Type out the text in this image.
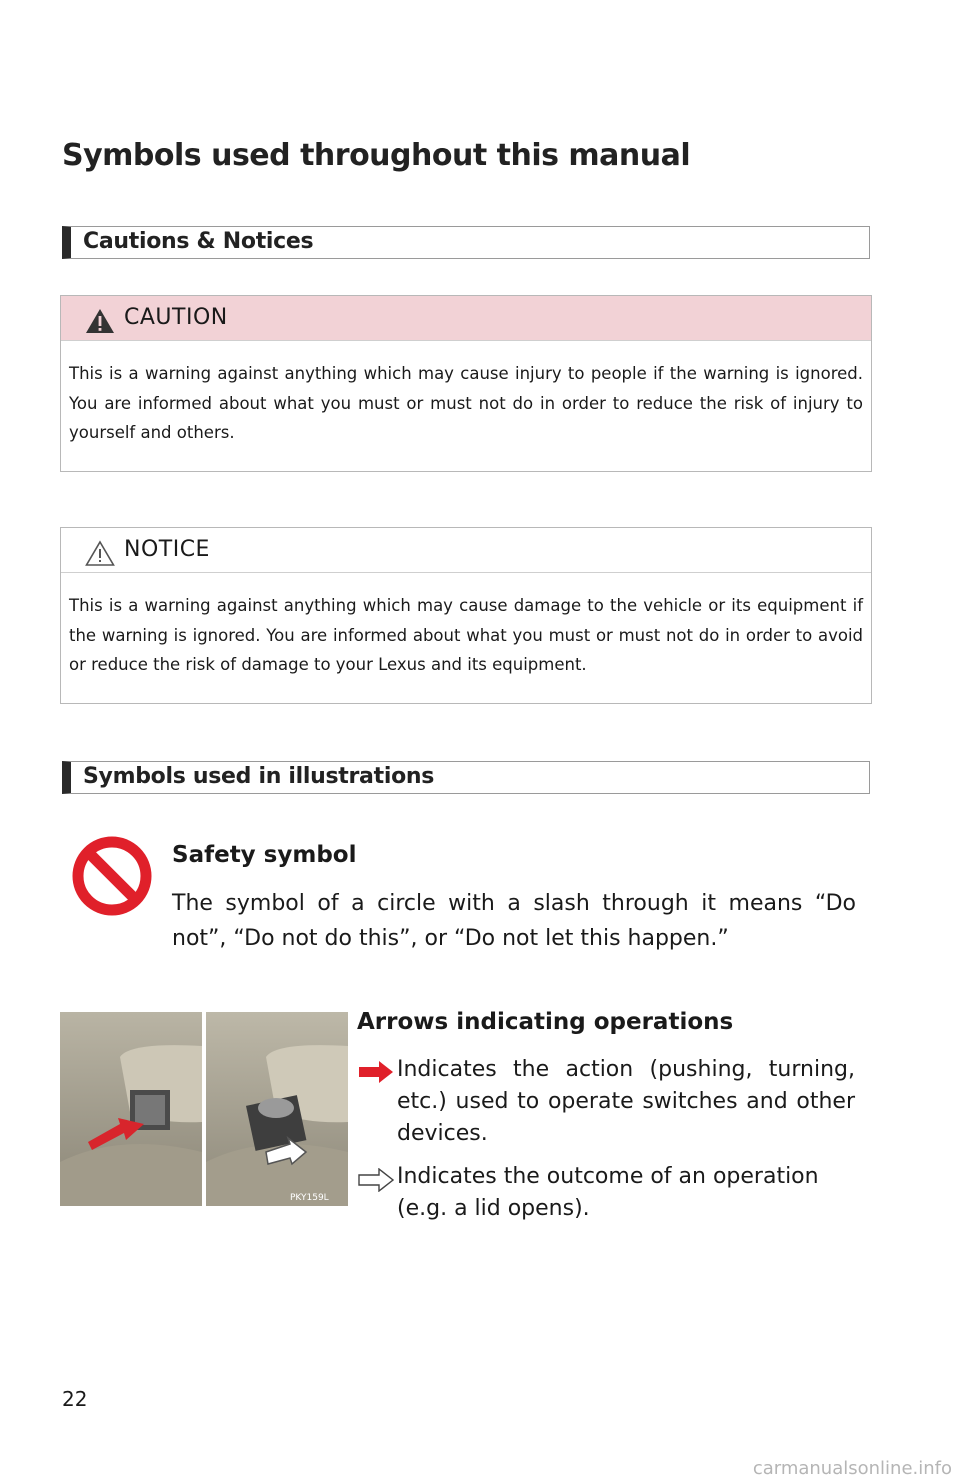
Symbols used throughout this manual
Cautions & Notices
CAUTION
This is a warning against anything which may cause injury to people if the warning is ignored. You are informed about what you must or must not do in order to reduce the risk of injury to yourself and others.
NOTICE
This is a warning against anything which may cause damage to the vehicle or its equipment if the warning is ignored. You are informed about what you must or must not do in order to avoid or reduce the risk of damage to your Lexus and its equipment.
Symbols used in illustrations
Safety symbol
The symbol of a circle with a slash through it means “Do not”, “Do not do this”, or “Do not let this happen.”
PKY159L
Arrows indicating operations
Indicates the action (pushing, turning, etc.) used to operate switches and other devices.
Indicates the outcome of an operation (e.g. a lid opens).
22
carmanualsonline.info
